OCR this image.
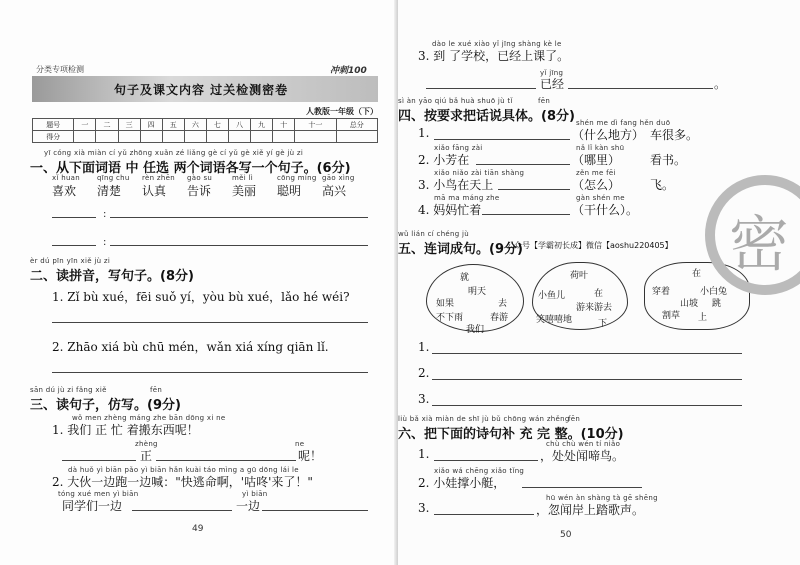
分类专项检测	冲刺100
句子及课文内容 过关检测密卷
人教版一年级（下）
题号	一	二	三	四	五	六	七	八	九	十	十一	总分
得分												
yī cóng xià miàn cí yǔ zhōng xuǎn zé liǎng gè cí yǔ gè xiě yí gè jù zi
一、从下面词语 中 任选 两个词语各写一个句子。(6分)
xǐ huan
喜欢
qīng chu
清楚
rèn zhēn
认真
gào su
告诉
měi lì
美丽
cōng míng
聪明
gāo xìng
高兴
:
:
èr dú pīn yīn xiě jù zi
二、读拼音，写句子。(8分)
1. Zǐ bù xué，fēi suǒ yí，yòu bù xué，lǎo hé wéi?
2. Zhāo xiá bù chū mén，wǎn xiá xíng qiān lǐ.
sān dú jù zi fǎng xiě	fēn
三、读句子，仿写。(9分)
wǒ men zhèng máng zhe bān dōng xi ne
1. 我们 正 忙 着搬东西呢！
zhèng	ne
正	呢！
dà huǒ yì biān pǎo yì biān hǎn kuài táo mìng a gū dōng lái le
2. 大伙一边跑一边喊："快逃命啊，'咕咚'来了！"
tóng xué men yì biān	yì biān
同学们一边	一边
49
dào le xué xiào yǐ jīng shàng kè le
3. 到 了学校，已经上课了。
yǐ jīng
已经	。
sì àn yāo qiú bǎ huà shuō jù tǐ	fēn
四、按要求把话说具体。(8分) shén me dì fang hěn duō
1.	（什么地方） 车很多。
xiǎo fāng zài	nǎ lǐ kàn shū
2. 小芳在	（哪里） 看书。
xiǎo niǎo zài tiān shàng	zěn me fēi
3. 小鸟在天上	（怎么） 飞。
mā ma máng zhe	gàn shén me
4. 妈妈忙着	（干什么）。
wǔ lián cí chéng jù
五、连词成句。(9分)
公众号【学霸初长成】微信【aoshu220405】
就
明天
如果	去
不下雨	春游
我们
荷叶
小鱼儿	在
游来游去
笑嘻嘻地	下
在
穿着	小白兔
山坡 跳
割草 上
1.
2.
3.
liù bǎ xià miàn de shī jù bǔ chōng wán zhěng
fēn
六、把下面的诗句补 充 完 整。(10分)
chù chù wén tí niǎo
1.	，处处闻啼鸟。
xiǎo wá chēng xiǎo tǐng
2. 小娃撑小艇，
hū wén àn shàng tà gē shēng
3.	，忽闻岸上踏歌声。
50
密
